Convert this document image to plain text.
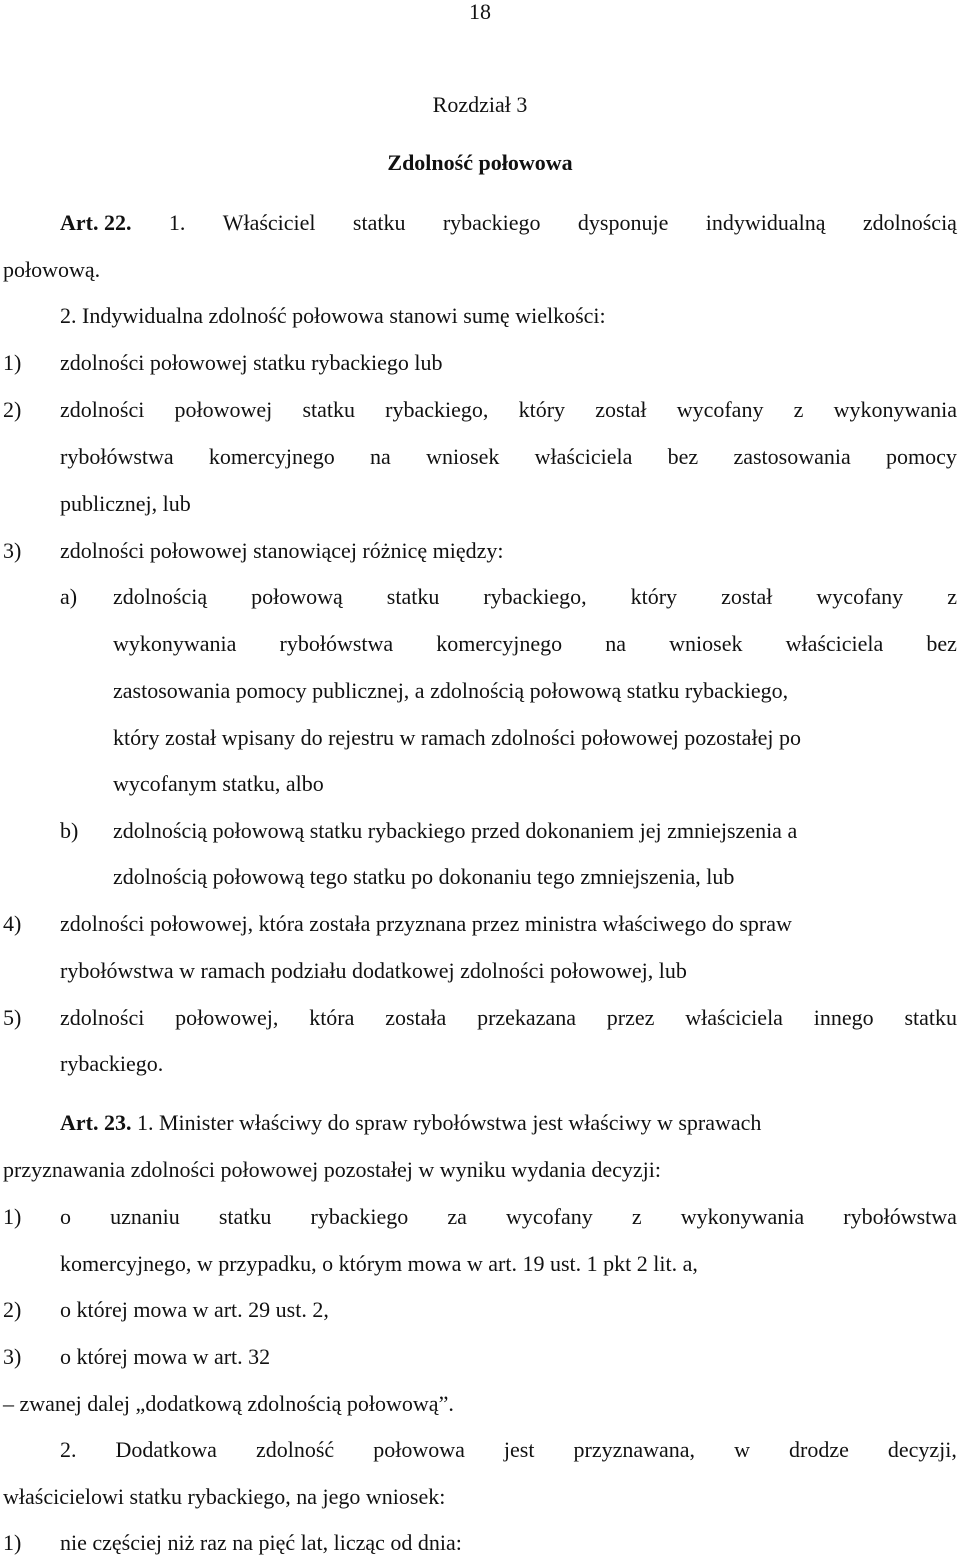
18
Rozdział 3
Zdolność połowowa
Art. 22. 1. Właściciel statku rybackiego dysponuje indywidualną zdolnością
połowową.
2. Indywidualna zdolność połowowa stanowi sumę wielkości:
1) zdolności połowowej statku rybackiego lub
2) zdolności połowowej statku rybackiego, który został wycofany z wykonywania
rybołówstwa komercyjnego na wniosek właściciela bez zastosowania pomocy
publicznej, lub
3) zdolności połowowej stanowiącej różnicę między:
a) zdolnością połowową statku rybackiego, który został wycofany z
wykonywania rybołówstwa komercyjnego na wniosek właściciela bez
zastosowania pomocy publicznej, a zdolnością połowową statku rybackiego,
który został wpisany do rejestru w ramach zdolności połowowej pozostałej po
wycofanym statku, albo
b) zdolnością połowową statku rybackiego przed dokonaniem jej zmniejszenia a
zdolnością połowową tego statku po dokonaniu tego zmniejszenia, lub
4) zdolności połowowej, która została przyznana przez ministra właściwego do spraw
rybołówstwa w ramach podziału dodatkowej zdolności połowowej, lub
5) zdolności połowowej, która została przekazana przez właściciela innego statku
rybackiego.
Art. 23. 1. Minister właściwy do spraw rybołówstwa jest właściwy w sprawach
przyznawania zdolności połowowej pozostałej w wyniku wydania decyzji:
1) o uznaniu statku rybackiego za wycofany z wykonywania rybołówstwa
komercyjnego, w przypadku, o którym mowa w art. 19 ust. 1 pkt 2 lit. a,
2) o której mowa w art. 29 ust. 2,
3) o której mowa w art. 32
– zwanej dalej „dodatkową zdolnością połowową”.
2. Dodatkowa zdolność połowowa jest przyznawana, w drodze decyzji,
właścicielowi statku rybackiego, na jego wniosek:
1) nie częściej niż raz na pięć lat, licząc od dnia:
